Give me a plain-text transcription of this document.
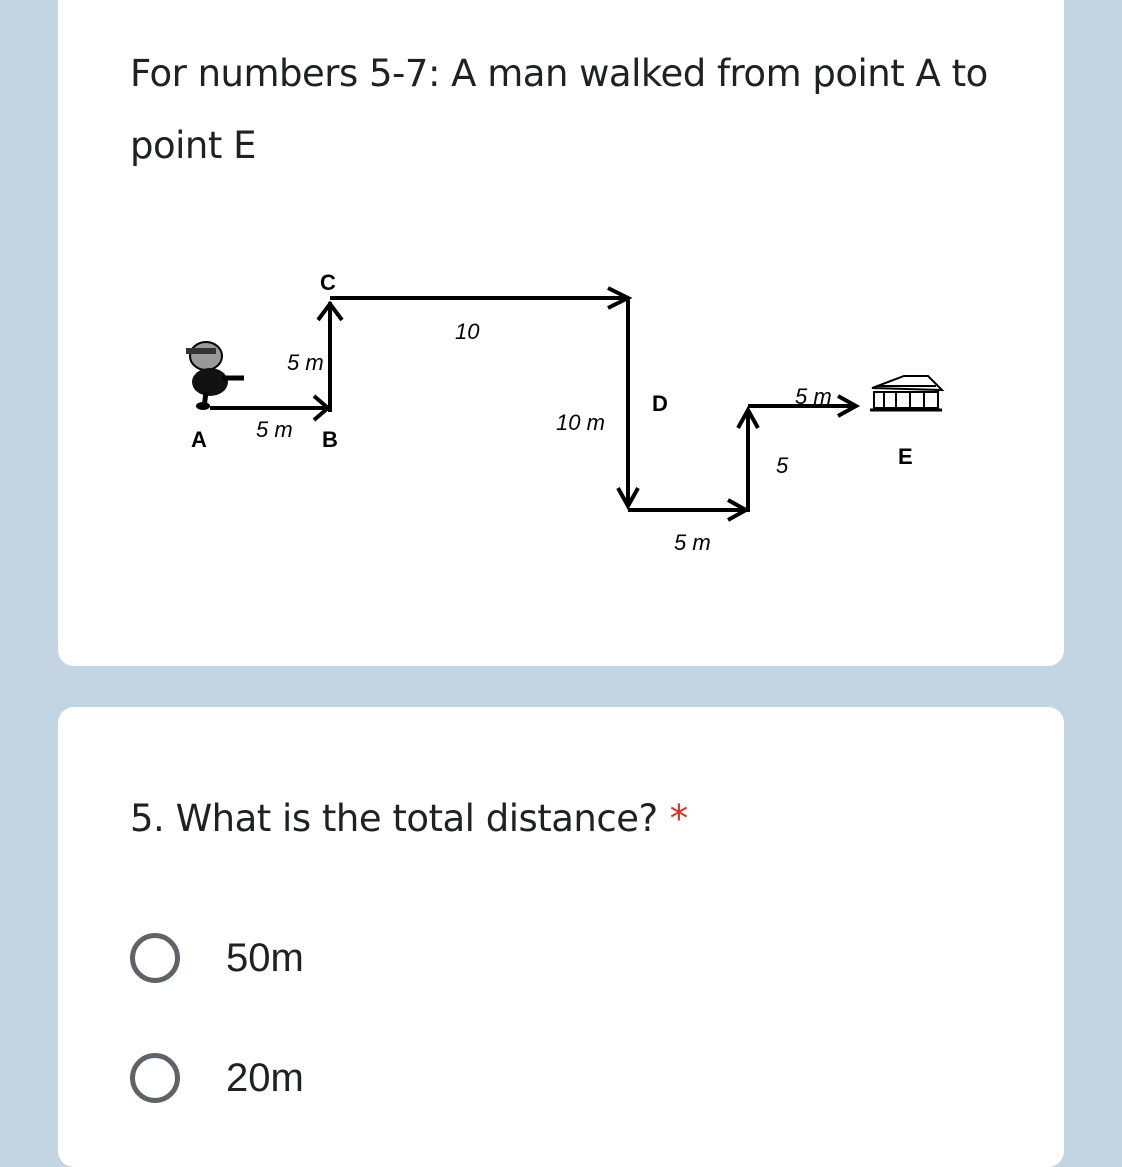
For numbers 5-7: A man walked from point A to point E
A	B
C
D
E
5 m
5 m
10
10 m
5 m
5
5 m
5. What is the total distance? *
50m
20m
